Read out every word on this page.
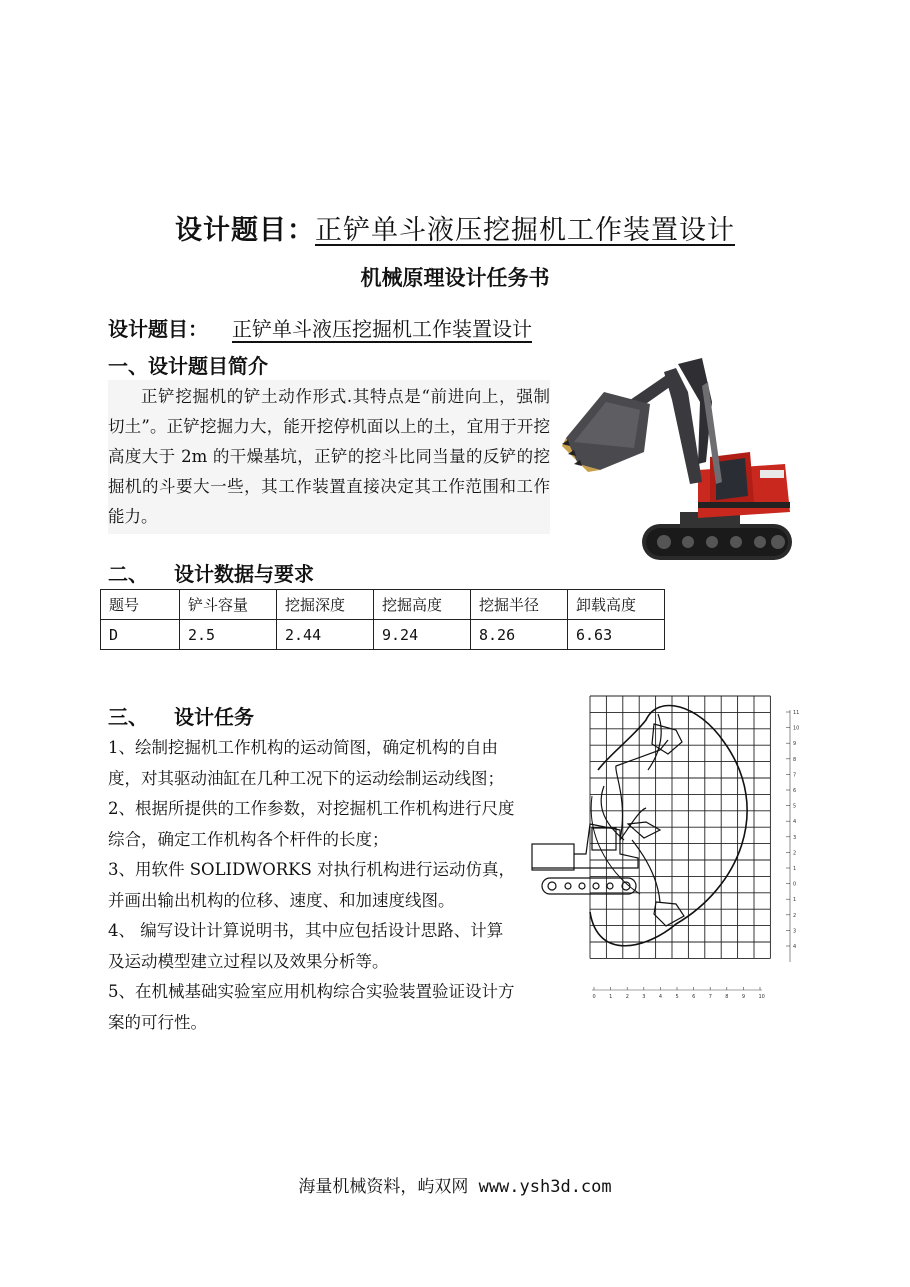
设计题目：正铲单斗液压挖掘机工作装置设计
机械原理设计任务书
设计题目： 正铲单斗液压挖掘机工作装置设计
一、设计题目简介
正铲挖掘机的铲土动作形式.其特点是“前进向上，强制切土”。正铲挖掘力大，能开挖停机面以上的土，宜用于开挖高度大于 2m 的干燥基坑，正铲的挖斗比同当量的反铲的挖掘机的斗要大一些，其工作装置直接决定其工作范围和工作能力。
二、 设计数据与要求
题号	铲斗容量	挖掘深度	挖掘高度	挖掘半径	卸载高度
D	2.5	2.44	9.24	8.26	6.63
三、 设计任务

1、绘制挖掘机工作机构的运动简图，确定机构的自由度，对其驱动油缸在几种工况下的运动绘制运动线图；

2、根据所提供的工作参数，对挖掘机工作机构进行尺度综合，确定工作机构各个杆件的长度；

3、用软件 SOLIDWORKS 对执行机构进行运动仿真，并画出输出机构的位移、速度、和加速度线图。

4、 编写设计计算说明书，其中应包括设计思路、计算及运动模型建立过程以及效果分析等。

5、在机械基础实验室应用机构综合实验装置验证设计方案的可行性。

11
10
9
8
7
6
5
4
3
2
1
0
1
2
3
4
0	1	2	3	4	5	6	7	8	9	10
海量机械资料，屿双网 www.ysh3d.com
